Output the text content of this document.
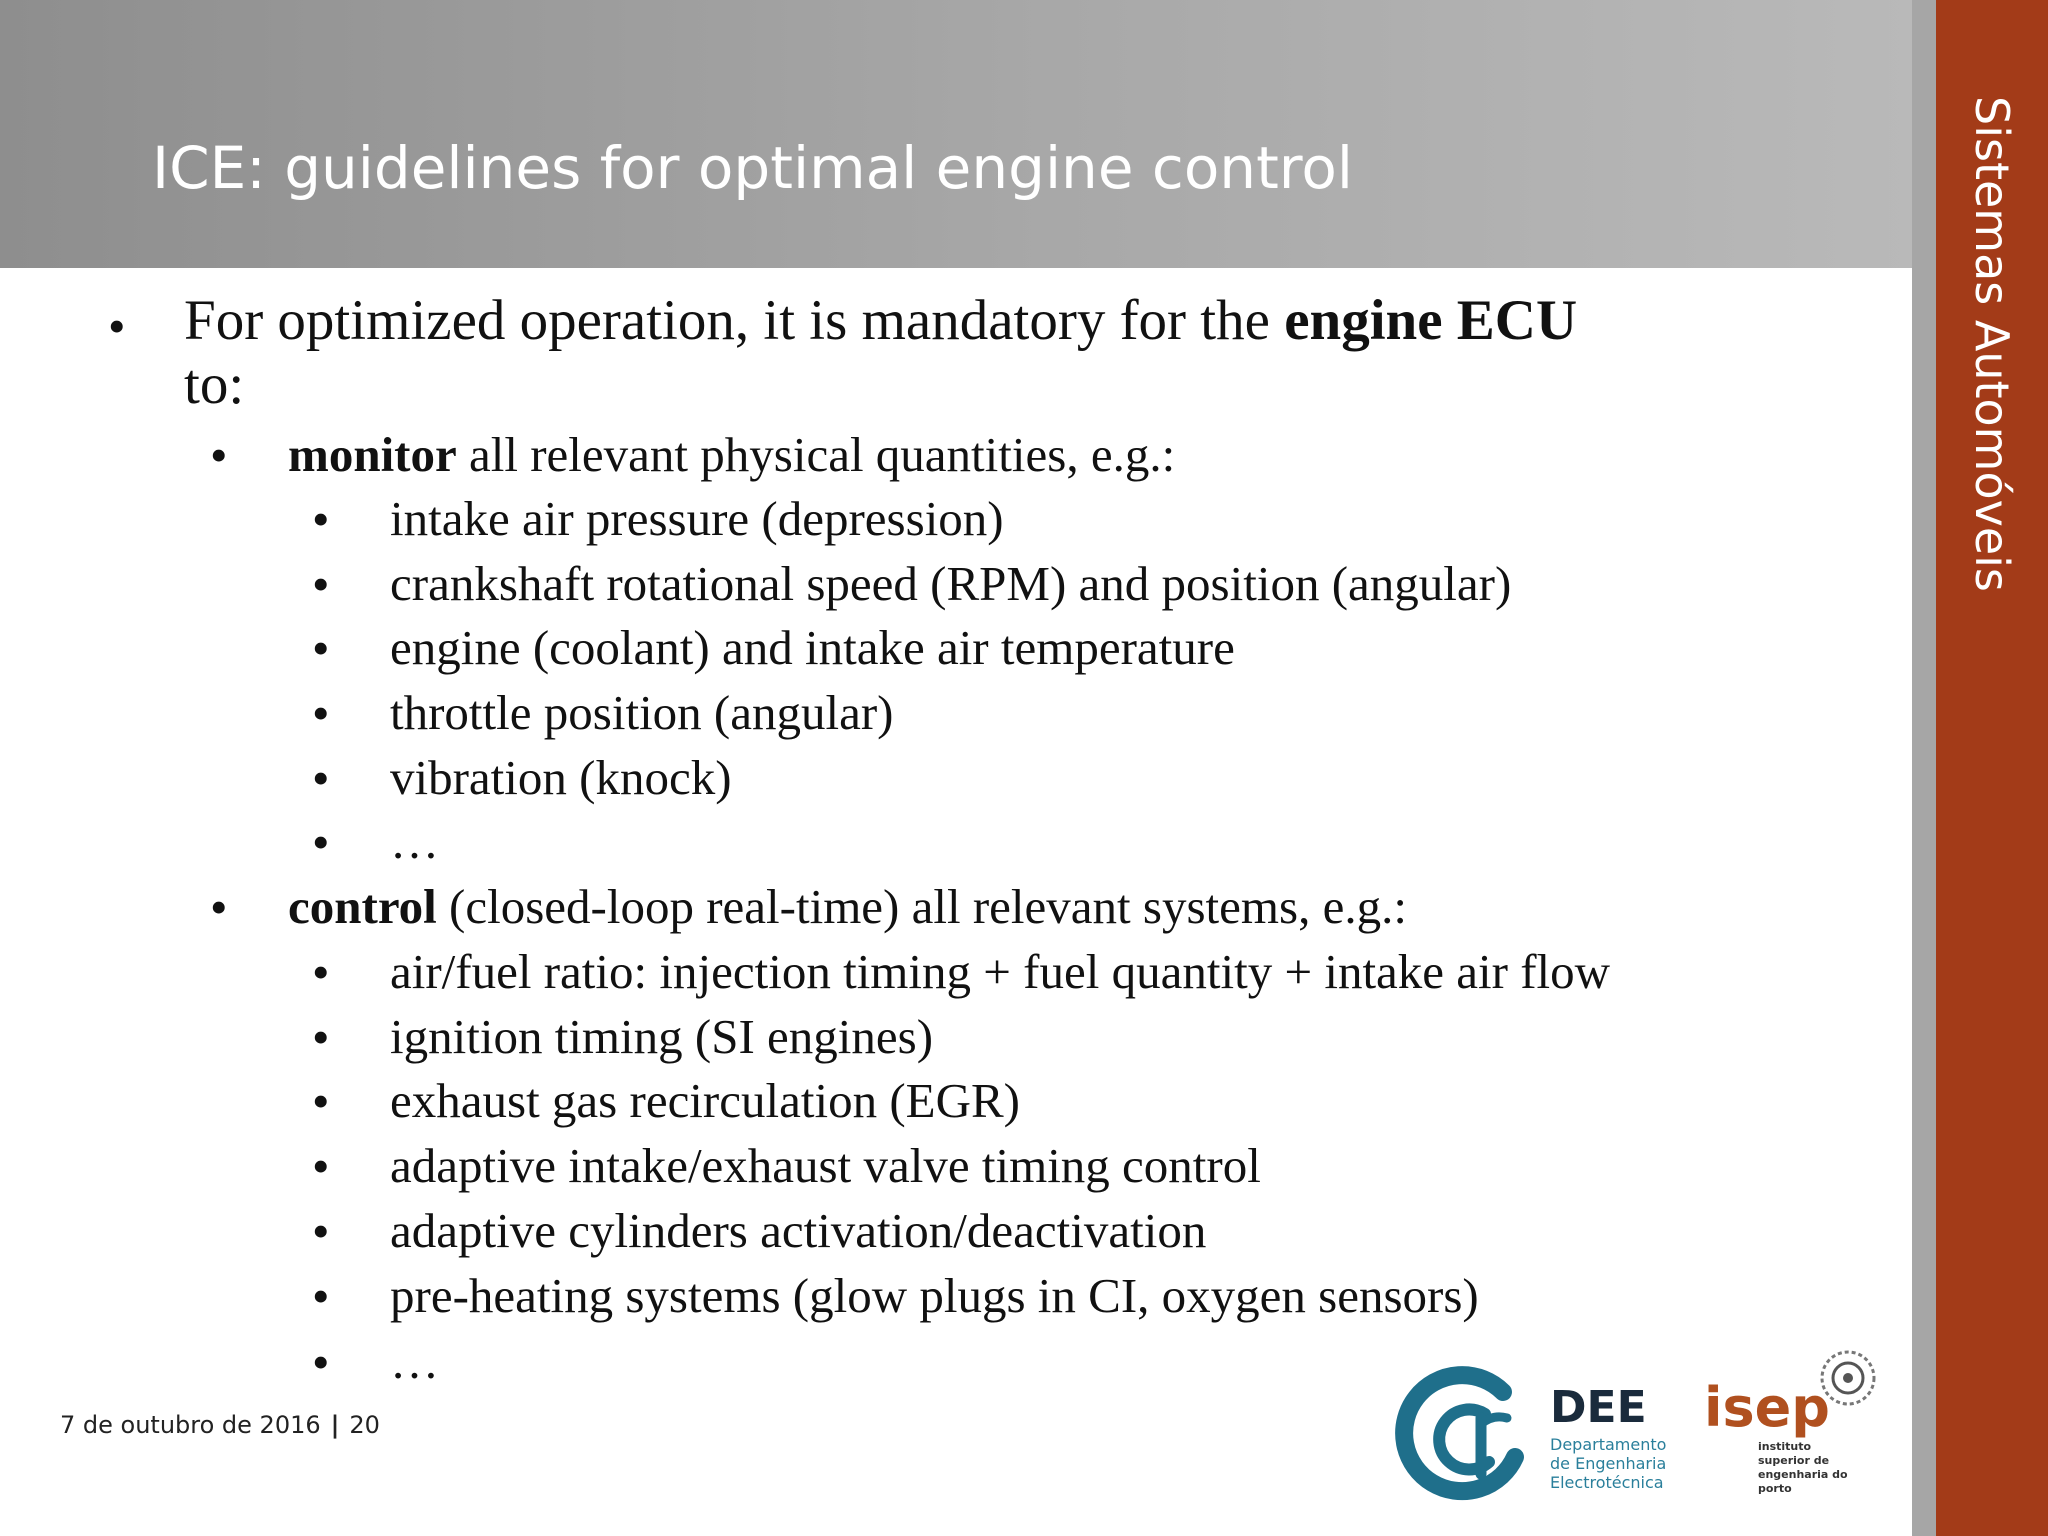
ICE: guidelines for optimal engine control	Sistemas Automóveis
• For optimized operation, it is mandatory for the engine ECU
to:
• monitor all relevant physical quantities, e.g.:
• intake air pressure (depression)
• crankshaft rotational speed (RPM) and position (angular)
• engine (coolant) and intake air temperature
• throttle position (angular)
• vibration (knock)
• …
• control (closed-loop real-time) all relevant systems, e.g.:
• air/fuel ratio: injection timing + fuel quantity + intake air flow
• ignition timing (SI engines)
• exhaust gas recirculation (EGR)
• adaptive intake/exhaust valve timing control
• adaptive cylinders activation/deactivation
• pre-heating systems (glow plugs in CI, oxygen sensors)
• …
7 de outubro de 2016 | 20	DEE
Departamento
de Engenharia
Electrotécnica
isep
instituto
superior de
engenharia do
porto
